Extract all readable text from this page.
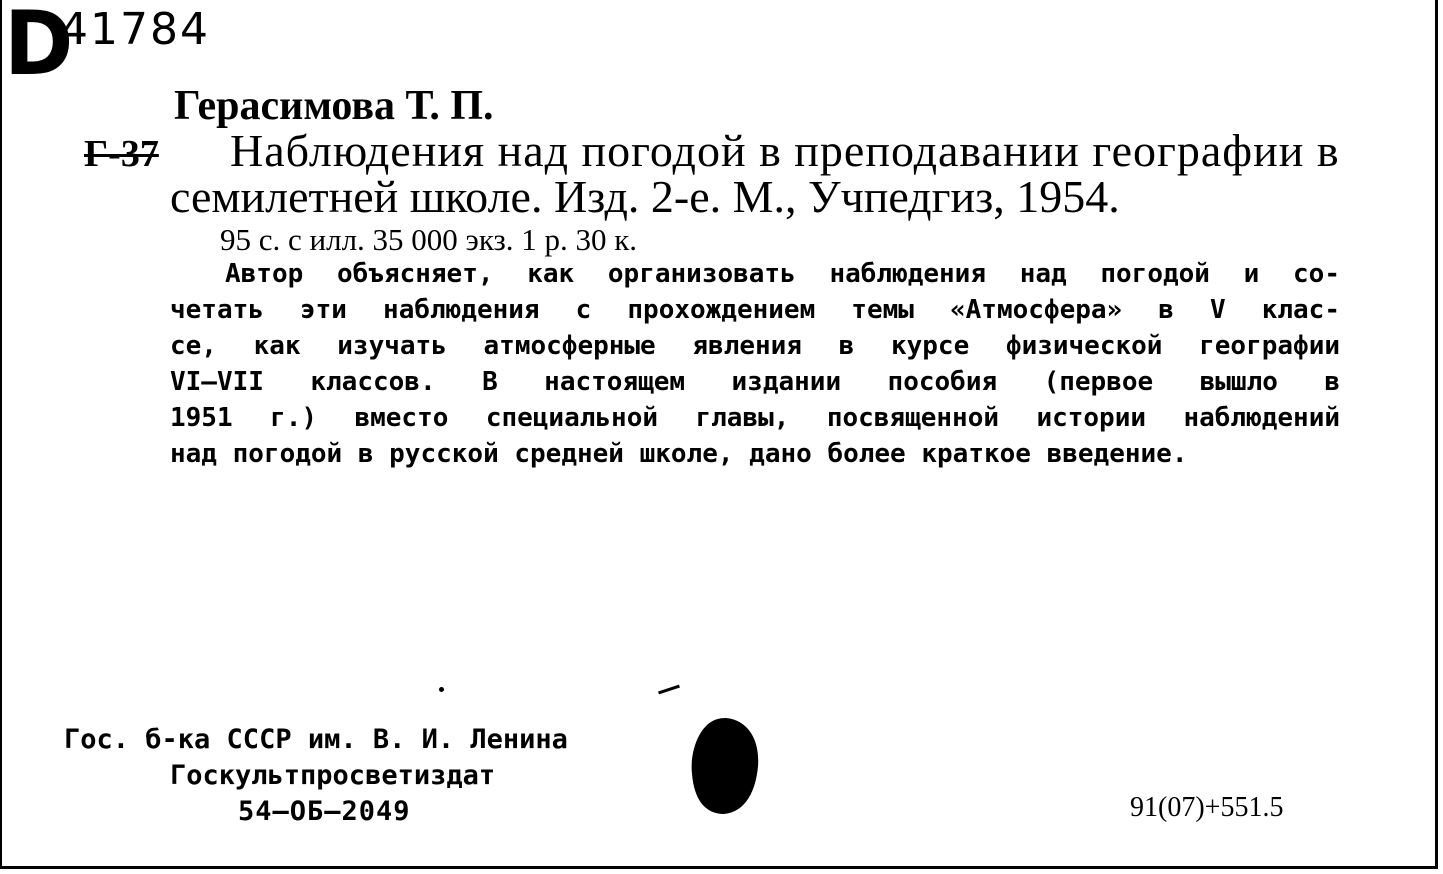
D
41784
Герасимова Т. П.
Г-37 Наблюдения над погодой в преподавании географии в
семилетней школе. Изд. 2-е. М., Учпедгиз, 1954.
95 с. с илл. 35 000 экз. 1 р. 30 к.
Автор объясняет, как организовать наблюдения над погодой и со-
четать эти наблюдения с прохождением темы «Атмосфера» в V клас-
се, как изучать атмосферные явления в курсе физической географии
VI—VII классов. В настоящем издании пособия (первое вышло в
1951 г.) вместо специальной главы, посвященной истории наблюдений
над погодой в русской средней школе, дано более краткое введение.
Гос. б-ка СССР им. В. И. Ленина
Госкультпросветиздат
54—ОБ—2049	91(07)+551.5
